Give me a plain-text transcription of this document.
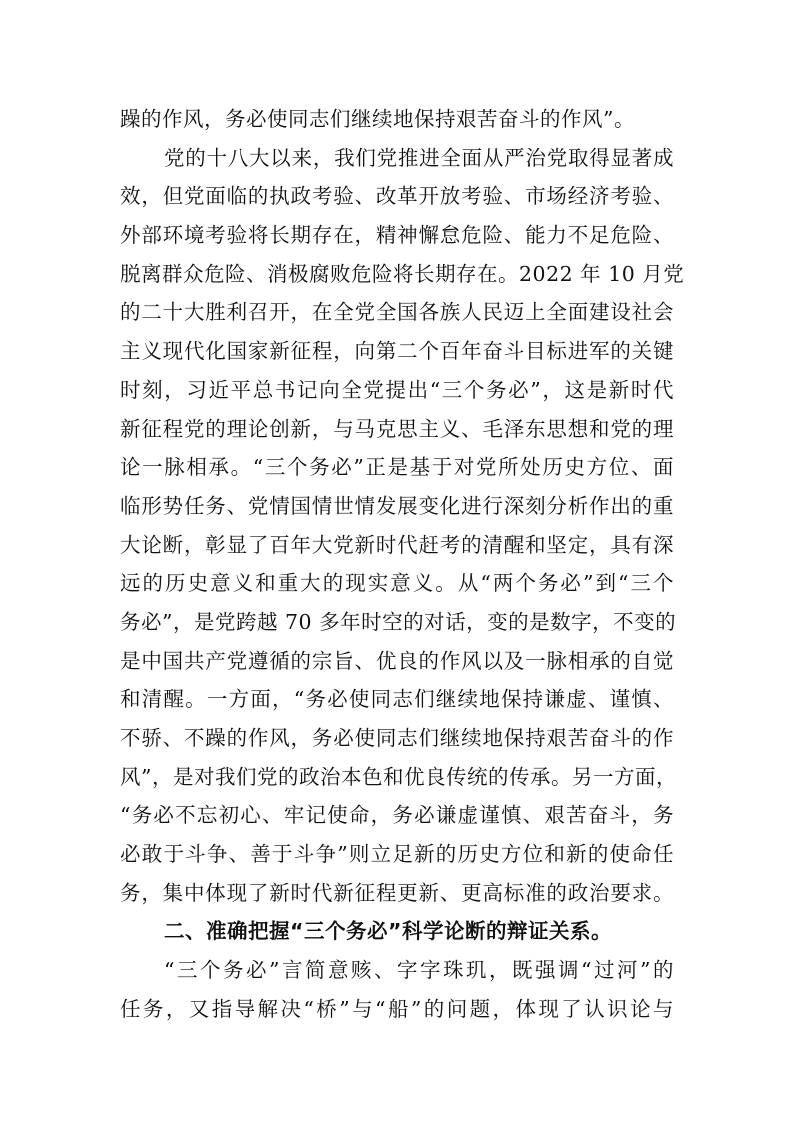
躁的作风，务必使同志们继续地保持艰苦奋斗的作风”。
党的十八大以来，我们党推进全面从严治党取得显著成
效，但党面临的执政考验、改革开放考验、市场经济考验、
外部环境考验将长期存在，精神懈怠危险、能力不足危险、
脱离群众危险、消极腐败危险将长期存在。2022 年 10 月党
的二十大胜利召开，在全党全国各族人民迈上全面建设社会
主义现代化国家新征程，向第二个百年奋斗目标进军的关键
时刻，习近平总书记向全党提出“三个务必”，这是新时代
新征程党的理论创新，与马克思主义、毛泽东思想和党的理
论一脉相承。“三个务必”正是基于对党所处历史方位、面
临形势任务、党情国情世情发展变化进行深刻分析作出的重
大论断，彰显了百年大党新时代赶考的清醒和坚定，具有深
远的历史意义和重大的现实意义。从“两个务必”到“三个
务必”，是党跨越 70 多年时空的对话，变的是数字，不变的
是中国共产党遵循的宗旨、优良的作风以及一脉相承的自觉
和清醒。一方面，“务必使同志们继续地保持谦虚、谨慎、
不骄、不躁的作风，务必使同志们继续地保持艰苦奋斗的作
风”，是对我们党的政治本色和优良传统的传承。另一方面，
“务必不忘初心、牢记使命，务必谦虚谨慎、艰苦奋斗，务
必敢于斗争、善于斗争”则立足新的历史方位和新的使命任
务，集中体现了新时代新征程更新、更高标准的政治要求。
二、准确把握“三个务必”科学论断的辩证关系。
“三个务必”言简意赅、字字珠玑，既强调“过河”的
任务，又指导解决“桥”与“船”的问题，体现了认识论与
